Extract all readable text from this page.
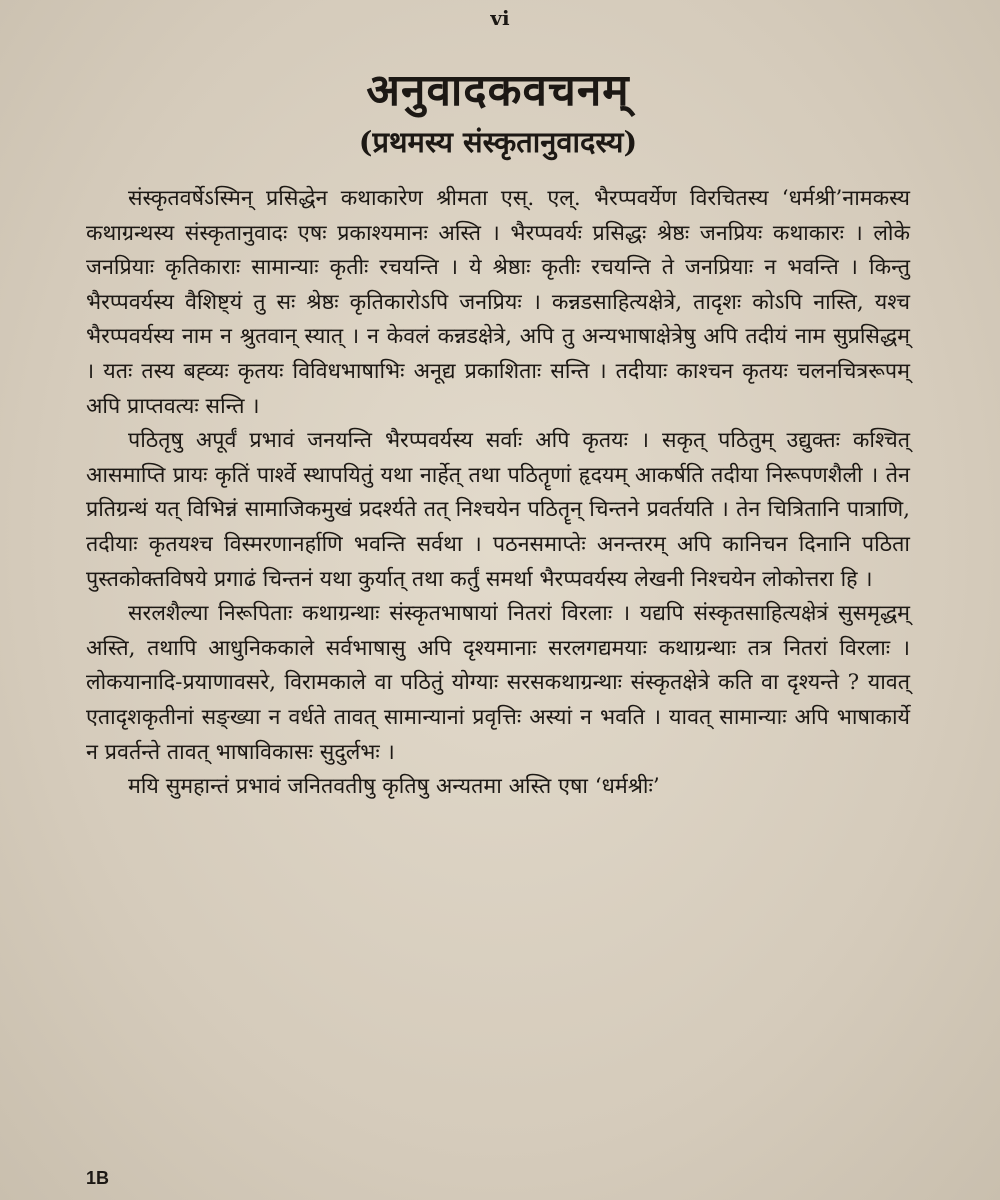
vi
अनुवादकवचनम्
(प्रथमस्य संस्कृतानुवादस्य)

संस्कृतवर्षेऽस्मिन् प्रसिद्धेन कथाकारेण श्रीमता एस्. एल्. भैरप्पवर्येण विरचितस्य ‘धर्मश्री’नामकस्य कथाग्रन्थस्य संस्कृतानुवादः एषः प्रकाश्यमानः अस्ति । भैरप्पवर्यः प्रसिद्धः श्रेष्ठः जनप्रियः कथाकारः । लोके जनप्रियाः कृतिकाराः सामान्याः कृतीः रचयन्ति । ये श्रेष्ठाः कृतीः रचयन्ति ते जनप्रियाः न भवन्ति । किन्तु भैरप्पवर्यस्य वैशिष्ट्यं तु सः श्रेष्ठः कृतिकारोऽपि जनप्रियः । कन्नडसाहित्यक्षेत्रे, तादृशः कोऽपि नास्ति, यश्च भैरप्पवर्यस्य नाम न श्रुतवान् स्यात् । न केवलं कन्नडक्षेत्रे, अपि तु अन्यभाषाक्षेत्रेषु अपि तदीयं नाम सुप्रसिद्धम् । यतः तस्य बह्व्यः कृतयः विविधभाषाभिः अनूद्य प्रकाशिताः सन्ति । तदीयाः काश्चन कृतयः चलनचित्ररूपम् अपि प्राप्तवत्यः सन्ति ।

पठितृषु अपूर्वं प्रभावं जनयन्ति भैरप्पवर्यस्य सर्वाः अपि कृतयः । सकृत् पठितुम् उद्युक्तः कश्चित् आसमाप्ति प्रायः कृतिं पार्श्वे स्थापयितुं यथा नार्हेत् तथा पठितॄणां हृदयम् आकर्षति तदीया निरूपणशैली । तेन प्रतिग्रन्थं यत् विभिन्नं सामाजिकमुखं प्रदर्श्यते तत् निश्चयेन पठितॄन् चिन्तने प्रवर्तयति । तेन चित्रितानि पात्राणि, तदीयाः कृतयश्च विस्मरणानर्हाणि भवन्ति सर्वथा । पठनसमाप्तेः अनन्तरम् अपि कानिचन दिनानि पठिता पुस्तकोक्तविषये प्रगाढं चिन्तनं यथा कुर्यात् तथा कर्तुं समर्था भैरप्पवर्यस्य लेखनी निश्चयेन लोकोत्तरा हि ।

सरलशैल्या निरूपिताः कथाग्रन्थाः संस्कृतभाषायां नितरां विरलाः । यद्यपि संस्कृतसाहित्यक्षेत्रं सुसमृद्धम् अस्ति, तथापि आधुनिककाले सर्वभाषासु अपि दृश्यमानाः सरलगद्यमयाः कथाग्रन्थाः तत्र नितरां विरलाः । लोकयानादि-प्रयाणावसरे, विरामकाले वा पठितुं योग्याः सरसकथाग्रन्थाः संस्कृतक्षेत्रे कति वा दृश्यन्ते ? यावत् एतादृशकृतीनां सङ्ख्या न वर्धते तावत् सामान्यानां प्रवृत्तिः अस्यां न भवति । यावत् सामान्याः अपि भाषाकार्ये न प्रवर्तन्ते तावत् भाषाविकासः सुदुर्लभः ।

मयि सुमहान्तं प्रभावं जनितवतीषु कृतिषु अन्यतमा अस्ति एषा ‘धर्मश्रीः’

1B
